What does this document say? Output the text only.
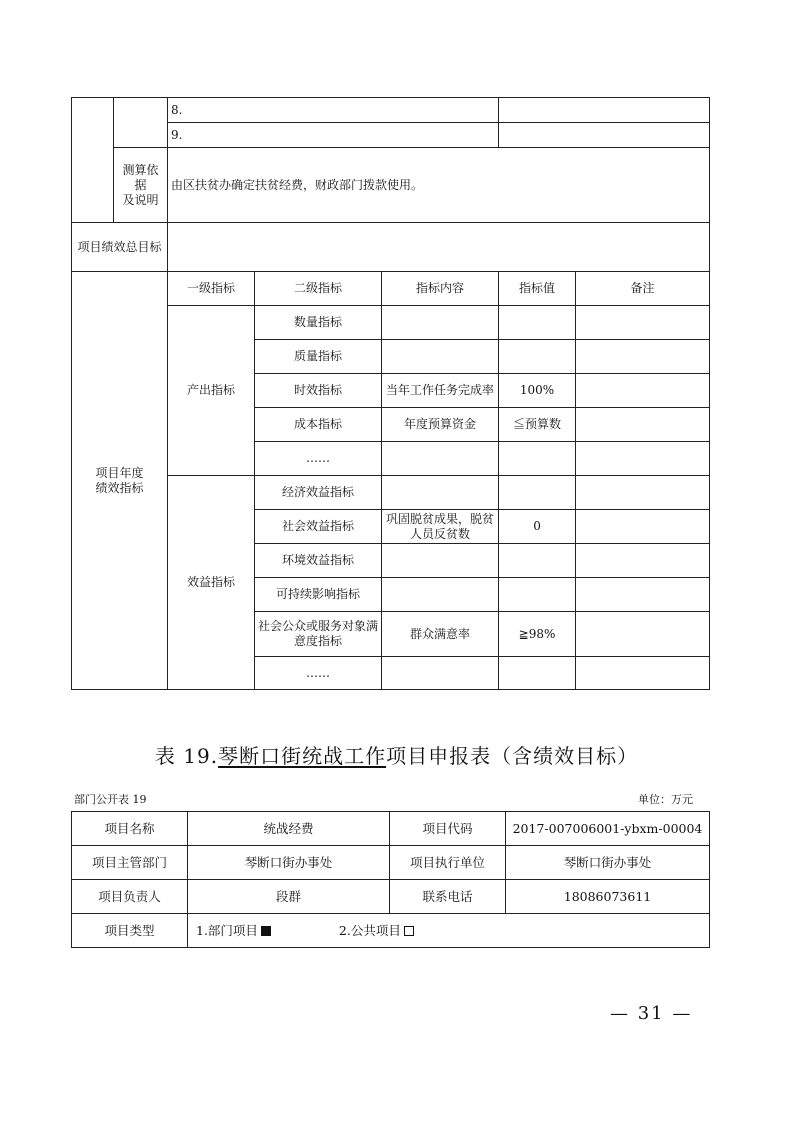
		8.				
		9.				

	测算依
据
及说明	由区扶贫办确定扶贫经费，财政部门拨款使用。				
项目绩效总目标						

项目年度
绩效指标		一级指标	二级指标	指标内容	指标值	备注
		产出指标	数量指标			
			质量指标			
			时效指标	当年工作任务完成率	100%	
			成本指标	年度预算资金	≦预算数	
			……			
		效益指标	经济效益指标			
			社会效益指标	巩固脱贫成果，脱贫人员反贫数	0	
			环境效益指标			
			可持续影响指标			
			社会公众或服务对象满意度指标	群众满意率	≧98%	
			……			
表 19.琴断口街统战工作项目申报表（含绩效目标）
部门公开表 19	单位：万元
项目名称	统战经费	项目代码	2017-007006001-ybxm-00004
项目主管部门	琴断口街办事处	项目执行单位	琴断口街办事处
项目负责人	段群	联系电话	18086073611
项目类型	1.部门项目 2.公共项目		
— 31 —
